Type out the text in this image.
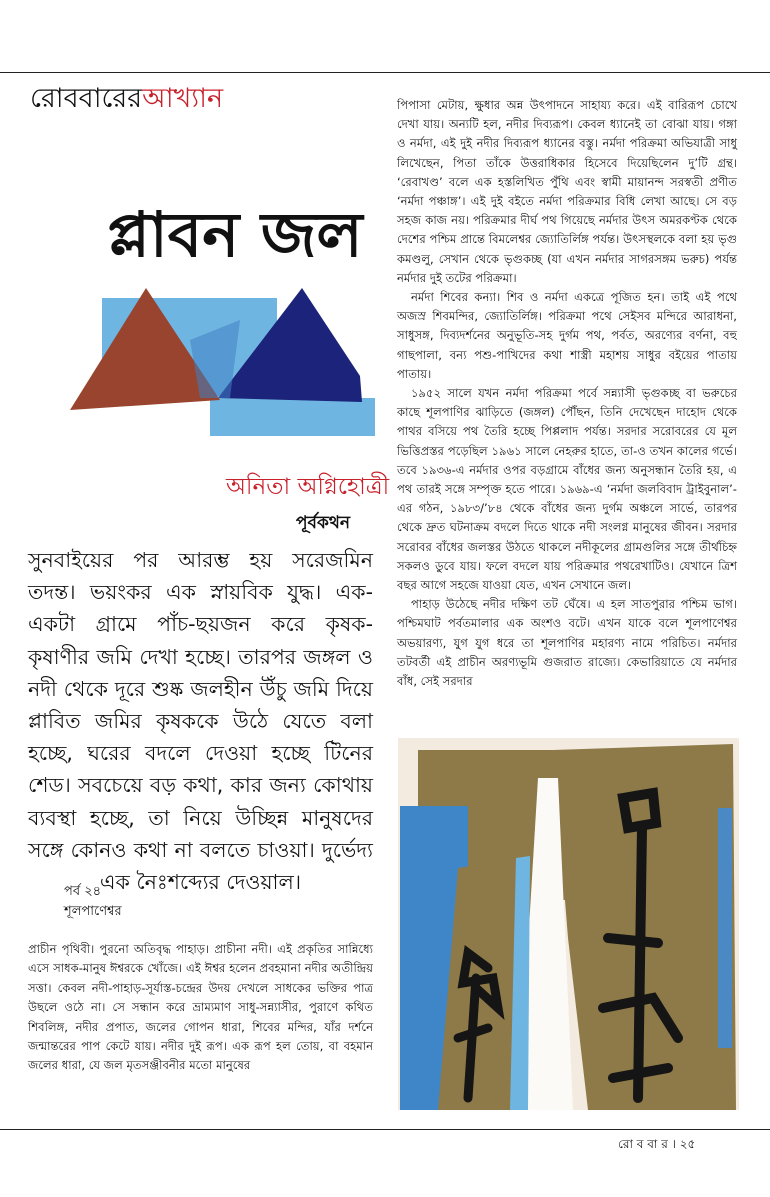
রোববারেরআখ্যান
প্লাবন জল
অনিতা অগ্নিহোত্রী
পূর্বকথন
সুনবাইয়ের পর আরম্ভ হয় সরেজমিন তদন্ত। ভয়ংকর এক স্নায়বিক যুদ্ধ। এক-একটা গ্রামে পাঁচ-ছয়জন করে কৃষক-কৃষাণীর জমি দেখা হচ্ছে। তারপর জঙ্গল ও নদী থেকে দূরে শুষ্ক জলহীন উঁচু জমি দিয়ে প্লাবিত জমির কৃষককে উঠে যেতে বলা হচ্ছে, ঘরের বদলে দেওয়া হচ্ছে টিনের শেড। সবচেয়ে বড় কথা, কার জন্য কোথায় ব্যবস্থা হচ্ছে, তা নিয়ে উচ্ছিন্ন মানুষদের সঙ্গে কোনও কথা না বলতে চাওয়া। দুর্ভেদ্য এক নৈঃশব্দ্যের দেওয়াল।
পর্ব ২৪
শূলপাণেশ্বর
প্রাচীন পৃথিবী। পুরনো অতিবৃদ্ধ পাহাড়। প্রাচীনা নদী। এই প্রকৃতির সান্নিধ্যে এসে সাধক-মানুষ ঈশ্বরকে খোঁজে। এই ঈশ্বর হলেন প্রবহমানা নদীর অতীন্দ্রিয় সত্তা। কেবল নদী-পাহাড়-সূর্যাস্ত-চন্দ্রের উদয় দেখলে সাধকের ভক্তির পাত্র উছলে ওঠে না। সে সন্ধান করে ভ্রাম্যমাণ সাধু-সন্ন্যাসীর, পুরাণে কথিত শিবলিঙ্গ, নদীর প্রপাত, জলের গোপন ধারা, শিবের মন্দির, যাঁর দর্শনে জন্মান্তরের পাপ কেটে যায়। নদীর দুই রূপ। এক রূপ হল তোয়, বা বহমান জলের ধারা, যে জল মৃতসঞ্জীবনীর মতো মানুষের

পিপাসা মেটায়, ক্ষুধার অন্ন উৎপাদনে সাহায্য করে। এই বারিরূপ চোখে দেখা যায়। অন্যটি হল, নদীর দিব্যরূপ। কেবল ধ্যানেই তা বোঝা যায়। গঙ্গা ও নর্মদা, এই দুই নদীর দিব্যরূপ ধ্যানের বস্তু। নর্মদা পরিক্রমা অভিযাত্রী সাধু লিখেছেন, পিতা তাঁকে উত্তরাধিকার হিসেবে দিয়েছিলেন দু’টি গ্রন্থ। ‘রেবাখণ্ড’ বলে এক হস্তলিখিত পুঁথি এবং স্বামী মায়ানন্দ সরস্বতী প্রণীত ‘নর্মদা পঞ্চাঙ্গ’। এই দুই বইতে নর্মদা পরিক্রমার বিধি লেখা আছে। সে বড় সহজ কাজ নয়। পরিক্রমার দীর্ঘ পথ গিয়েছে নর্মদার উৎস অমরকণ্টক থেকে দেশের পশ্চিম প্রান্তে বিমলেশ্বর জ্যোতির্লিঙ্গ পর্যন্ত। উৎসস্থলকে বলা হয় ভৃগু কমণ্ডলু, সেখান থেকে ভৃগুকচ্ছ (যা এখন নর্মদার সাগরসঙ্গম ভরুচ) পর্যন্ত নর্মদার দুই তটের পরিক্রমা।

নর্মদা শিবের কন্যা। শিব ও নর্মদা একত্রে পূজিত হন। তাই এই পথে অজস্র শিবমন্দির, জ্যোতির্লিঙ্গ। পরিক্রমা পথে সেইসব মন্দিরে আরাধনা, সাধুসঙ্গ, দিব্যদর্শনের অনুভূতি-সহ দুর্গম পথ, পর্বত, অরণ্যের বর্ণনা, বহু গাছপালা, বন্য পশু-পাখিদের কথা শাস্ত্রী মহাশয় সাধুর বইয়ের পাতায় পাতায়।

১৯৫২ সালে যখন নর্মদা পরিক্রমা পর্বে সন্ন্যাসী ভৃগুকচ্ছ বা ভরুচের কাছে শূলপাণির ঝাড়িতে (জঙ্গল) পৌঁছন, তিনি দেখেছেন দাহোদ থেকে পাথর বসিয়ে পথ তৈরি হচ্ছে পিপ্পলাদ পর্যন্ত। সরদার সরোবরের যে মূল ভিত্তিপ্রস্তর পড়েছিল ১৯৬১ সালে নেহরুর হাতে, তা-ও তখন কালের গর্ভে। তবে ১৯৩৬-এ নর্মদার ওপর বড়গ্রামে বাঁধের জন্য অনুসন্ধান তৈরি হয়, এ পথ তারই সঙ্গে সম্পৃক্ত হতে পারে। ১৯৬৯-এ ‘নর্মদা জলবিবাদ ট্রাইবুনাল’-এর গঠন, ১৯৮৩/’৮৪ থেকে বাঁধের জন্য দুর্গম অঞ্চলে সার্ভে, তারপর থেকে দ্রুত ঘটনাক্রম বদলে দিতে থাকে নদী সংলগ্ন মানুষের জীবন। সরদার সরোবর বাঁধের জলস্তর উঠতে থাকলে নদীকূলের গ্রামগুলির সঙ্গে তীর্থচিহ্ন সকলও ডুবে যায়। ফলে বদলে যায় পরিক্রমার পথরেখাটিও। যেখানে ত্রিশ বছর আগে সহজে যাওয়া যেত, এখন সেখানে জল।

পাহাড় উঠেছে নদীর দক্ষিণ তট ঘেঁষে। এ হল সাতপুরার পশ্চিম ভাগ। পশ্চিমঘাট পর্বতমালার এক অংশও বটে। এখন যাকে বলে শূলপাণেশ্বর অভয়ারণ্য, যুগ যুগ ধরে তা শূলপাণির মহারণ্য নামে পরিচিত। নর্মদার তটবর্তী এই প্রাচীন অরণ্যভূমি গুজরাত রাজ্যে। কেভারিয়াতে যে নর্মদার বাঁধ, সেই সরদার

রো ব বা র । ২৫
